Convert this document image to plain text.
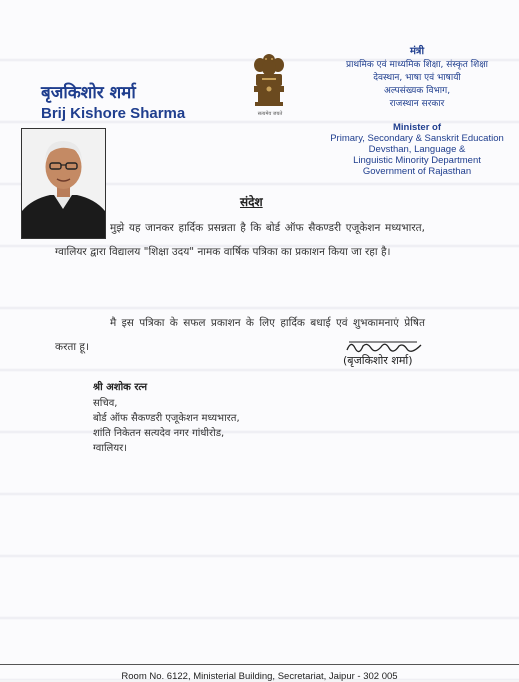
बृजकिशोर शर्मा
Brij Kishore Sharma	सत्यमेव जयते
मंत्री
प्राथमिक एवं माध्यमिक शिक्षा, संस्कृत शिक्षा
देवस्थान, भाषा एवं भाषायी
अल्पसंख्यक विभाग,
राजस्थान सरकार
Minister of
Primary, Secondary & Sanskrit Education
Devsthan, Language &
Linguistic Minority Department
Government of Rajasthan
संदेश
मुझे यह जानकर हार्दिक प्रसन्नता है कि बोर्ड ऑफ सैकण्डरी एजूकेशन मध्यभारत, ग्वालियर द्वारा विद्यालय "शिक्षा उदय" नामक वार्षिक पत्रिका का प्रकाशन किया जा रहा है।
मै इस पत्रिका के सफल प्रकाशन के लिए हार्दिक बधाई एवं शुभकामनाएं प्रेषित करता हू।
(बृजकिशोर शर्मा)
श्री अशोक रत्न
सचिव,
बोर्ड ऑफ सैकण्डरी एजूकेशन मध्यभारत,
शांति निकेतन सत्यदेव नगर गांधीरोड,
ग्वालियर।
Room No. 6122, Ministerial Building, Secretariat, Jaipur - 302 005
